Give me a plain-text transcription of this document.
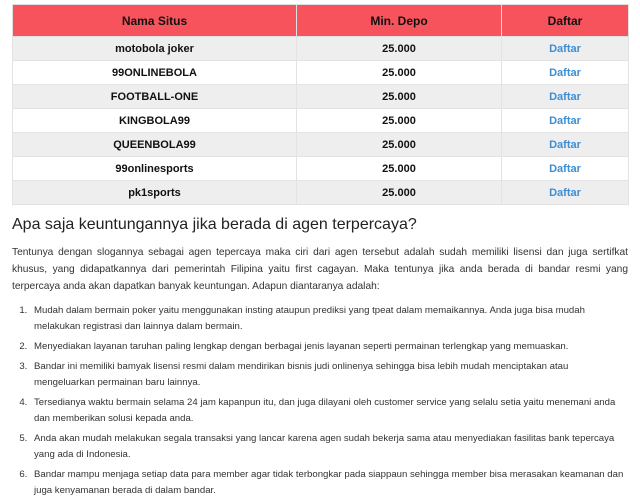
Nama Situs	Min. Depo	Daftar
motobola joker	25.000	Daftar
99ONLINEBOLA	25.000	Daftar
FOOTBALL-ONE	25.000	Daftar
KINGBOLA99	25.000	Daftar
QUEENBOLA99	25.000	Daftar
99onlinesports	25.000	Daftar
pk1sports	25.000	Daftar
Apa saja keuntungannya jika berada di agen terpercaya?

Tentunya dengan slogannya sebagai agen tepercaya maka ciri dari agen tersebut adalah sudah memiliki lisensi dan juga sertifkat khusus, yang didapatkannya dari pemerintah Filipina yaitu first cagayan. Maka tentunya jika anda berada di bandar resmi yang terpercaya anda akan dapatkan banyak keuntungan. Adapun diantaranya adalah:

1. Mudah dalam bermain poker yaitu menggunakan insting ataupun prediksi yang tpeat dalam memaikannya. Anda juga bisa mudah melakukan registrasi dan lainnya dalam bermain.
2. Menyediakan layanan taruhan paling lengkap dengan berbagai jenis layanan seperti permainan terlengkap yang memuaskan.
3. Bandar ini memiliki bamyak lisensi resmi dalam mendirikan bisnis judi onlinenya sehingga bisa lebih mudah menciptakan atau mengeluarkan permainan baru lainnya.
4. Tersedianya waktu bermain selama 24 jam kapanpun itu, dan juga dilayani oleh customer service yang selalu setia yaitu menemani anda dan memberikan solusi kepada anda.
5. Anda akan mudah melakukan segala transaksi yang lancar karena agen sudah bekerja sama atau menyediakan fasilitas bank tepercaya yang ada di Indonesia.
6. Bandar mampu menjaga setiap data para member agar tidak terbongkar pada siappaun sehingga member bisa merasakan keamanan dan juga kenyamanan berada di dalam bandar.
